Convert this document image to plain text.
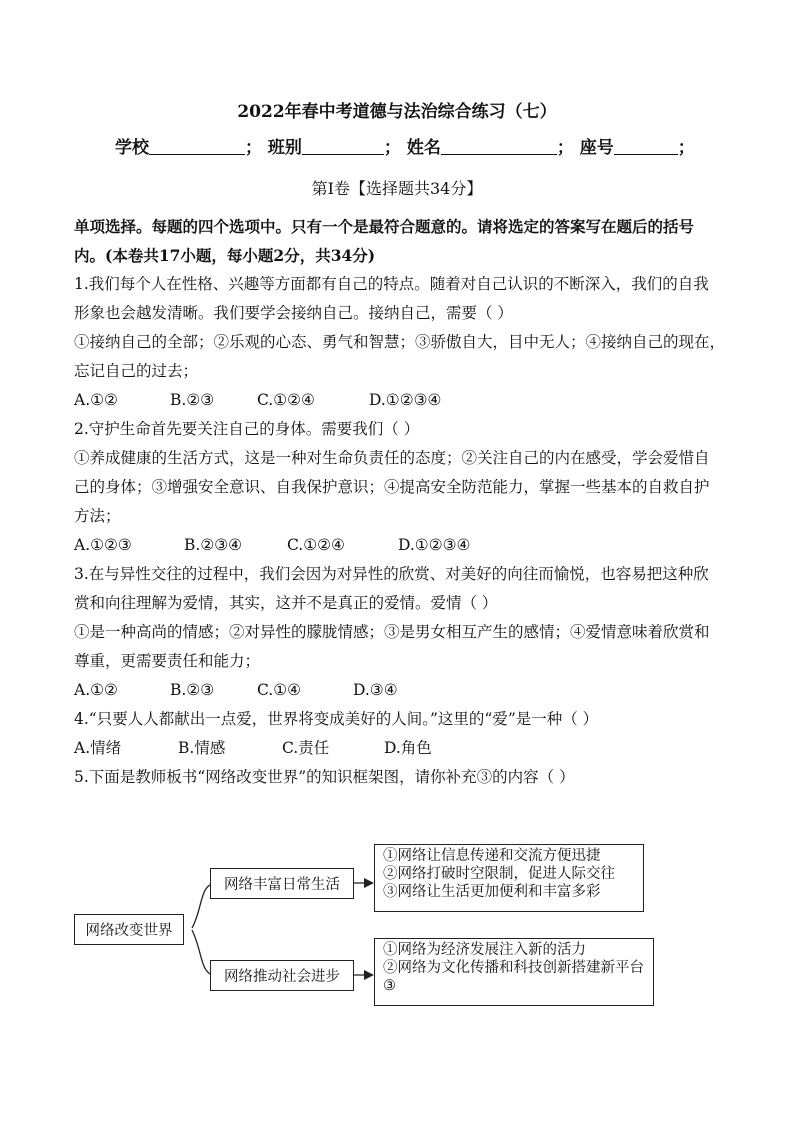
2022年春中考道德与法治综合练习（七）
学校	； 班别	； 姓名	； 座号	；
第Ⅰ卷【选择题共34分】
单项选择。每题的四个选项中。只有一个是最符合题意的。请将选定的答案写在题后的括号
内。(本卷共17小题，每小题2分，共34分)
1.我们每个人在性格、兴趣等方面都有自己的特点。随着对自己认识的不断深入，我们的自我
形象也会越发清晰。我们要学会接纳自己。接纳自己，需要（ ）
①接纳自己的全部；②乐观的心态、勇气和智慧；③骄傲自大，目中无人；④接纳自己的现在，
忘记自己的过去；
A.①②	B.②③	C.①②④	D.①②③④
2.守护生命首先要关注自己的身体。需要我们（ ）
①养成健康的生活方式，这是一种对生命负责任的态度；②关注自己的内在感受，学会爱惜自
己的身体；③增强安全意识、自我保护意识；④提高安全防范能力，掌握一些基本的自救自护
方法；
A.①②③	B.②③④	C.①②④	D.①②③④
3.在与异性交往的过程中，我们会因为对异性的欣赏、对美好的向往而愉悦，也容易把这种欣
赏和向往理解为爱情，其实，这并不是真正的爱情。爱情（ ）
①是一种高尚的情感；②对异性的朦胧情感；③是男女相互产生的感情；④爱情意味着欣赏和
尊重，更需要责任和能力；
A.①②	B.②③	C.①④	D.③④
4.“只要人人都献出一点爱，世界将变成美好的人间。”这里的“爱”是一种（ ）
A.情绪	B.情感	C.责任	D.角色
5.下面是教师板书“网络改变世界”的知识框架图，请你补充③的内容（ ）
网络改变世界
网络丰富日常生活
①网络让信息传递和交流方便迅捷
②网络打破时空限制，促进人际交往
③网络让生活更加便利和丰富多彩
网络推动社会进步
①网络为经济发展注入新的活力
②网络为文化传播和科技创新搭建新平台
③
